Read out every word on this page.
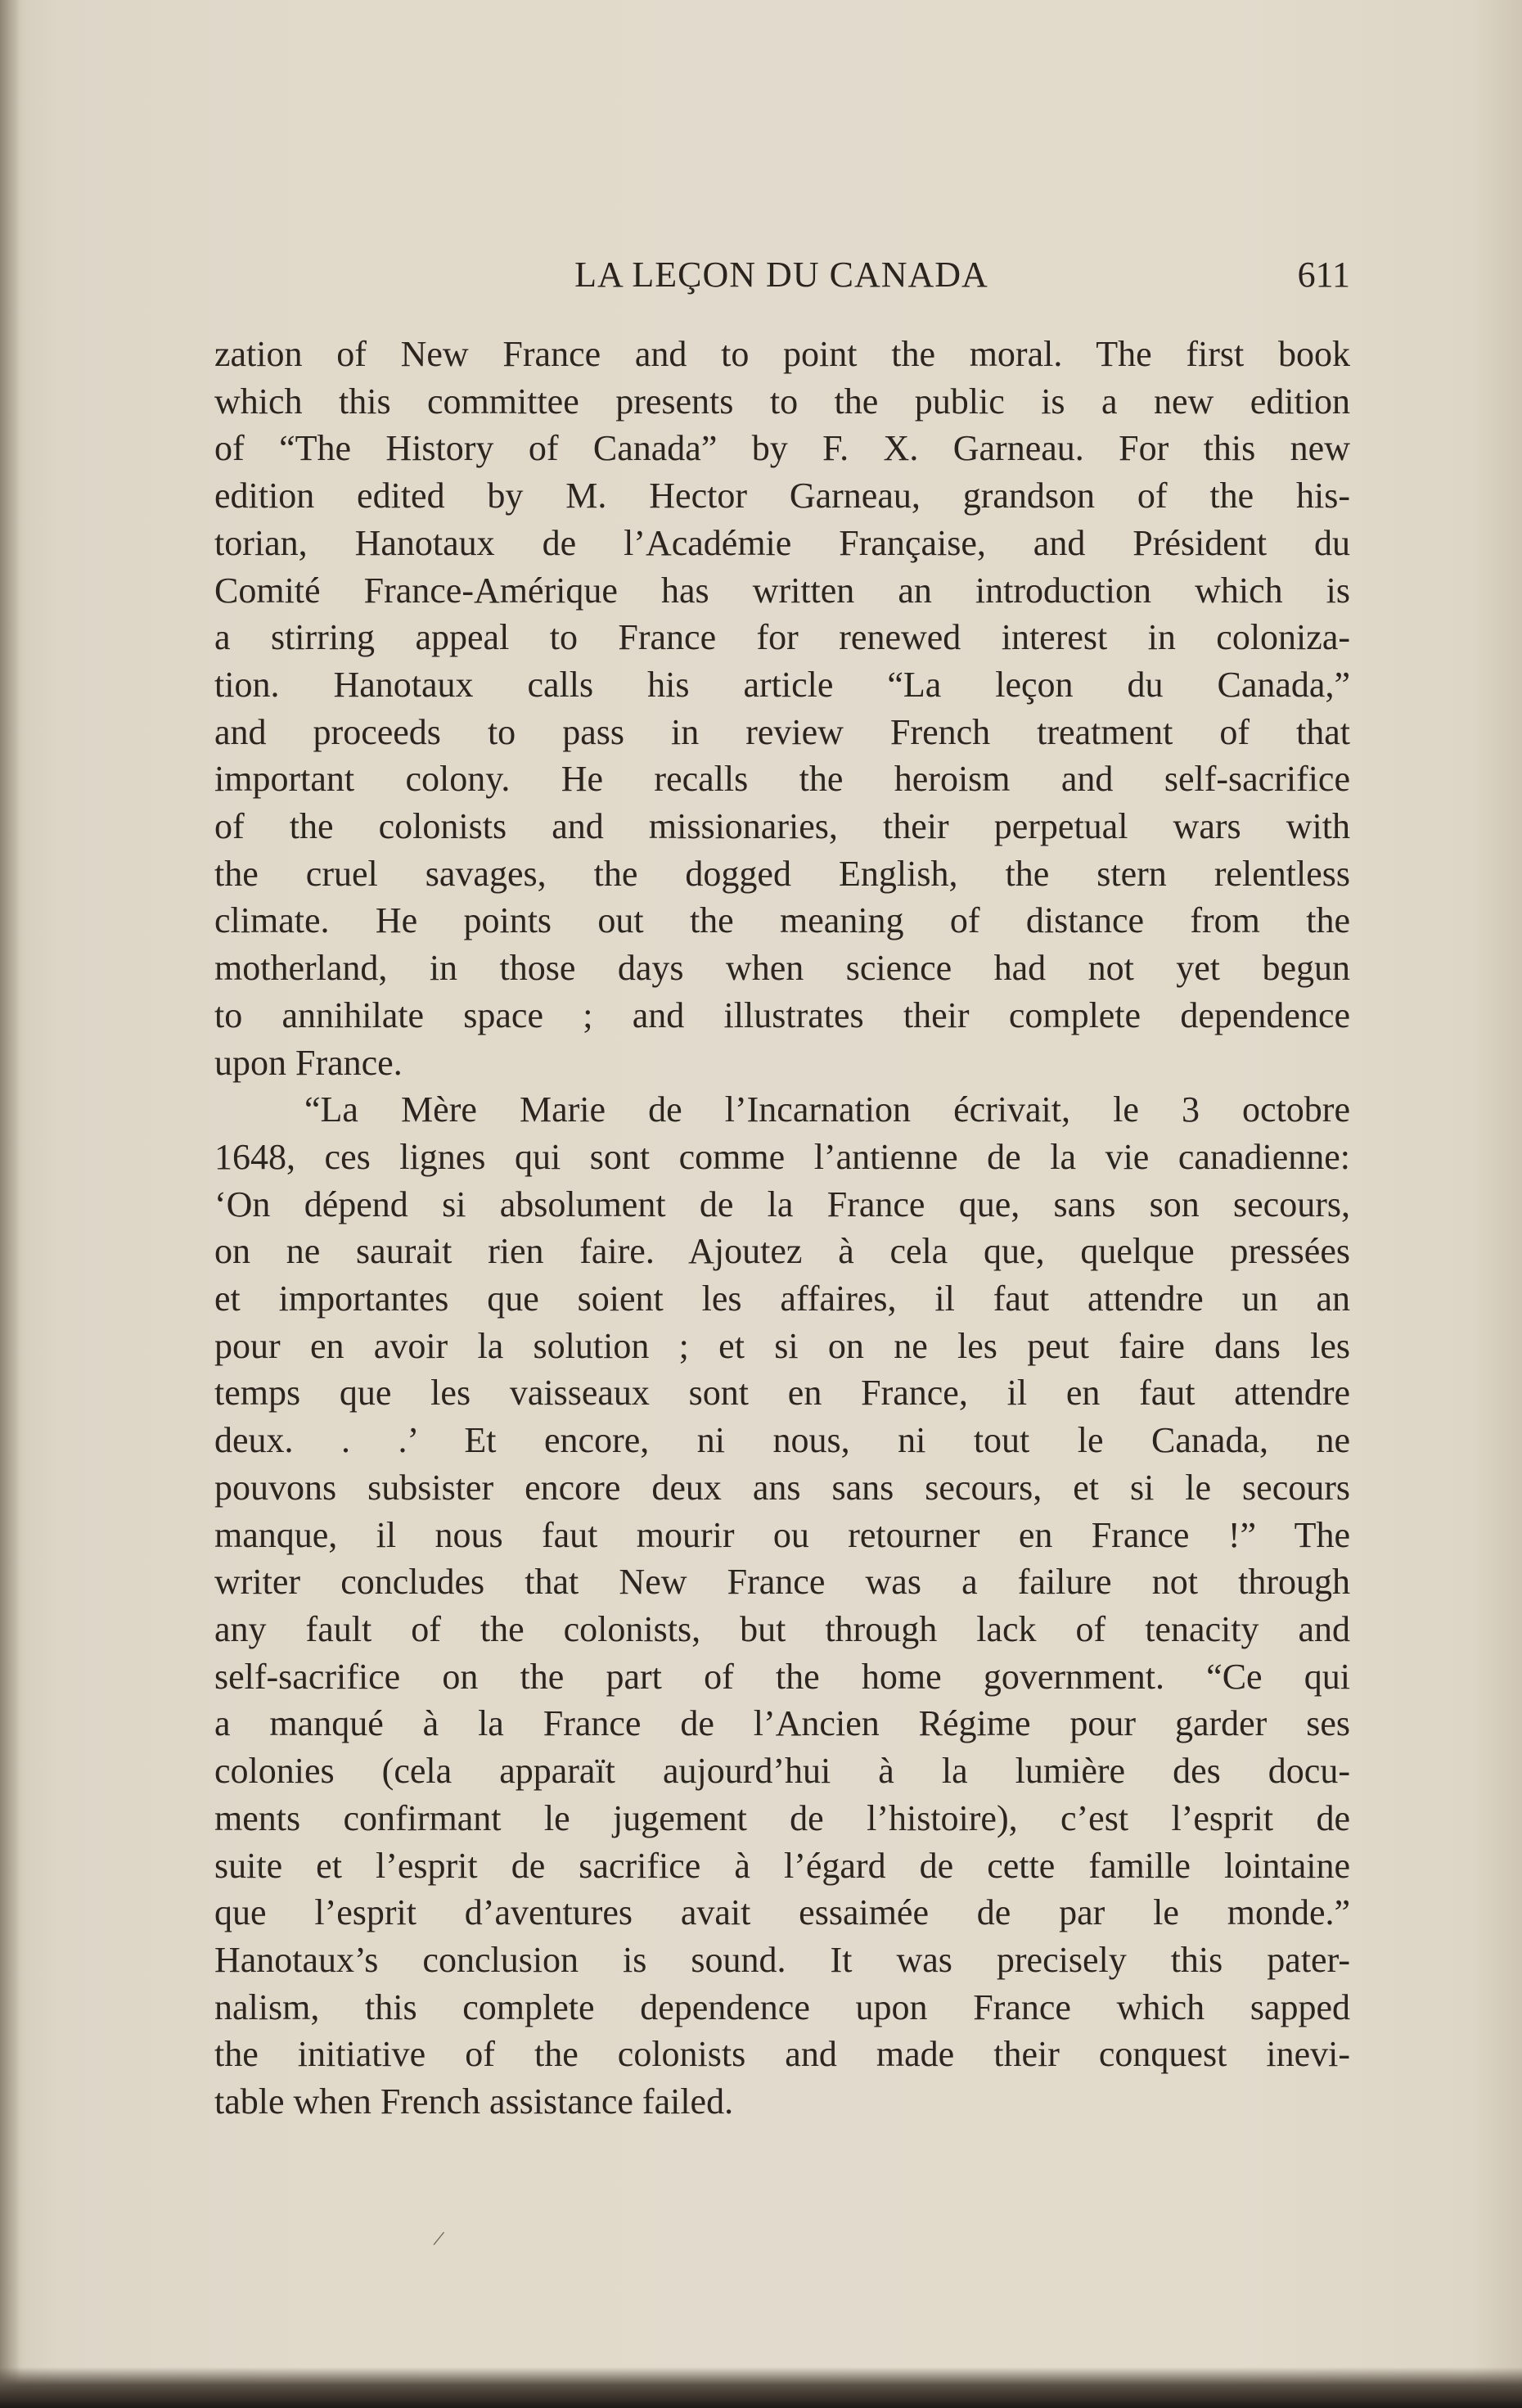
LA LEÇON DU CANADA	611
zation of New France and to point the moral. The first book
which this committee presents to the public is a new edition
of “The History of Canada” by F. X. Garneau. For this new
edition edited by M. Hector Garneau, grandson of the his-
torian, Hanotaux de l’Académie Française, and Président du
Comité France-Amérique has written an introduction which is
a stirring appeal to France for renewed interest in coloniza-
tion. Hanotaux calls his article “La leçon du Canada,”
and proceeds to pass in review French treatment of that
important colony. He recalls the heroism and self-sacrifice
of the colonists and missionaries, their perpetual wars with
the cruel savages, the dogged English, the stern relentless
climate. He points out the meaning of distance from the
motherland, in those days when science had not yet begun
to annihilate space ; and illustrates their complete dependence
upon France.
“La Mère Marie de l’Incarnation écrivait, le 3 octobre
1648, ces lignes qui sont comme l’antienne de la vie canadienne:
‘On dépend si absolument de la France que, sans son secours,
on ne saurait rien faire. Ajoutez à cela que, quelque pressées
et importantes que soient les affaires, il faut attendre un an
pour en avoir la solution ; et si on ne les peut faire dans les
temps que les vaisseaux sont en France, il en faut attendre
deux. . .’ Et encore, ni nous, ni tout le Canada, ne
pouvons subsister encore deux ans sans secours, et si le secours
manque, il nous faut mourir ou retourner en France !” The
writer concludes that New France was a failure not through
any fault of the colonists, but through lack of tenacity and
self-sacrifice on the part of the home government. “Ce qui
a manqué à la France de l’Ancien Régime pour garder ses
colonies (cela apparaït aujourd’hui à la lumière des docu-
ments confirmant le jugement de l’histoire), c’est l’esprit de
suite et l’esprit de sacrifice à l’égard de cette famille lointaine
que l’esprit d’aventures avait essaimée de par le monde.”
Hanotaux’s conclusion is sound. It was precisely this pater-
nalism, this complete dependence upon France which sapped
the initiative of the colonists and made their conquest inevi-
table when French assistance failed.
/
